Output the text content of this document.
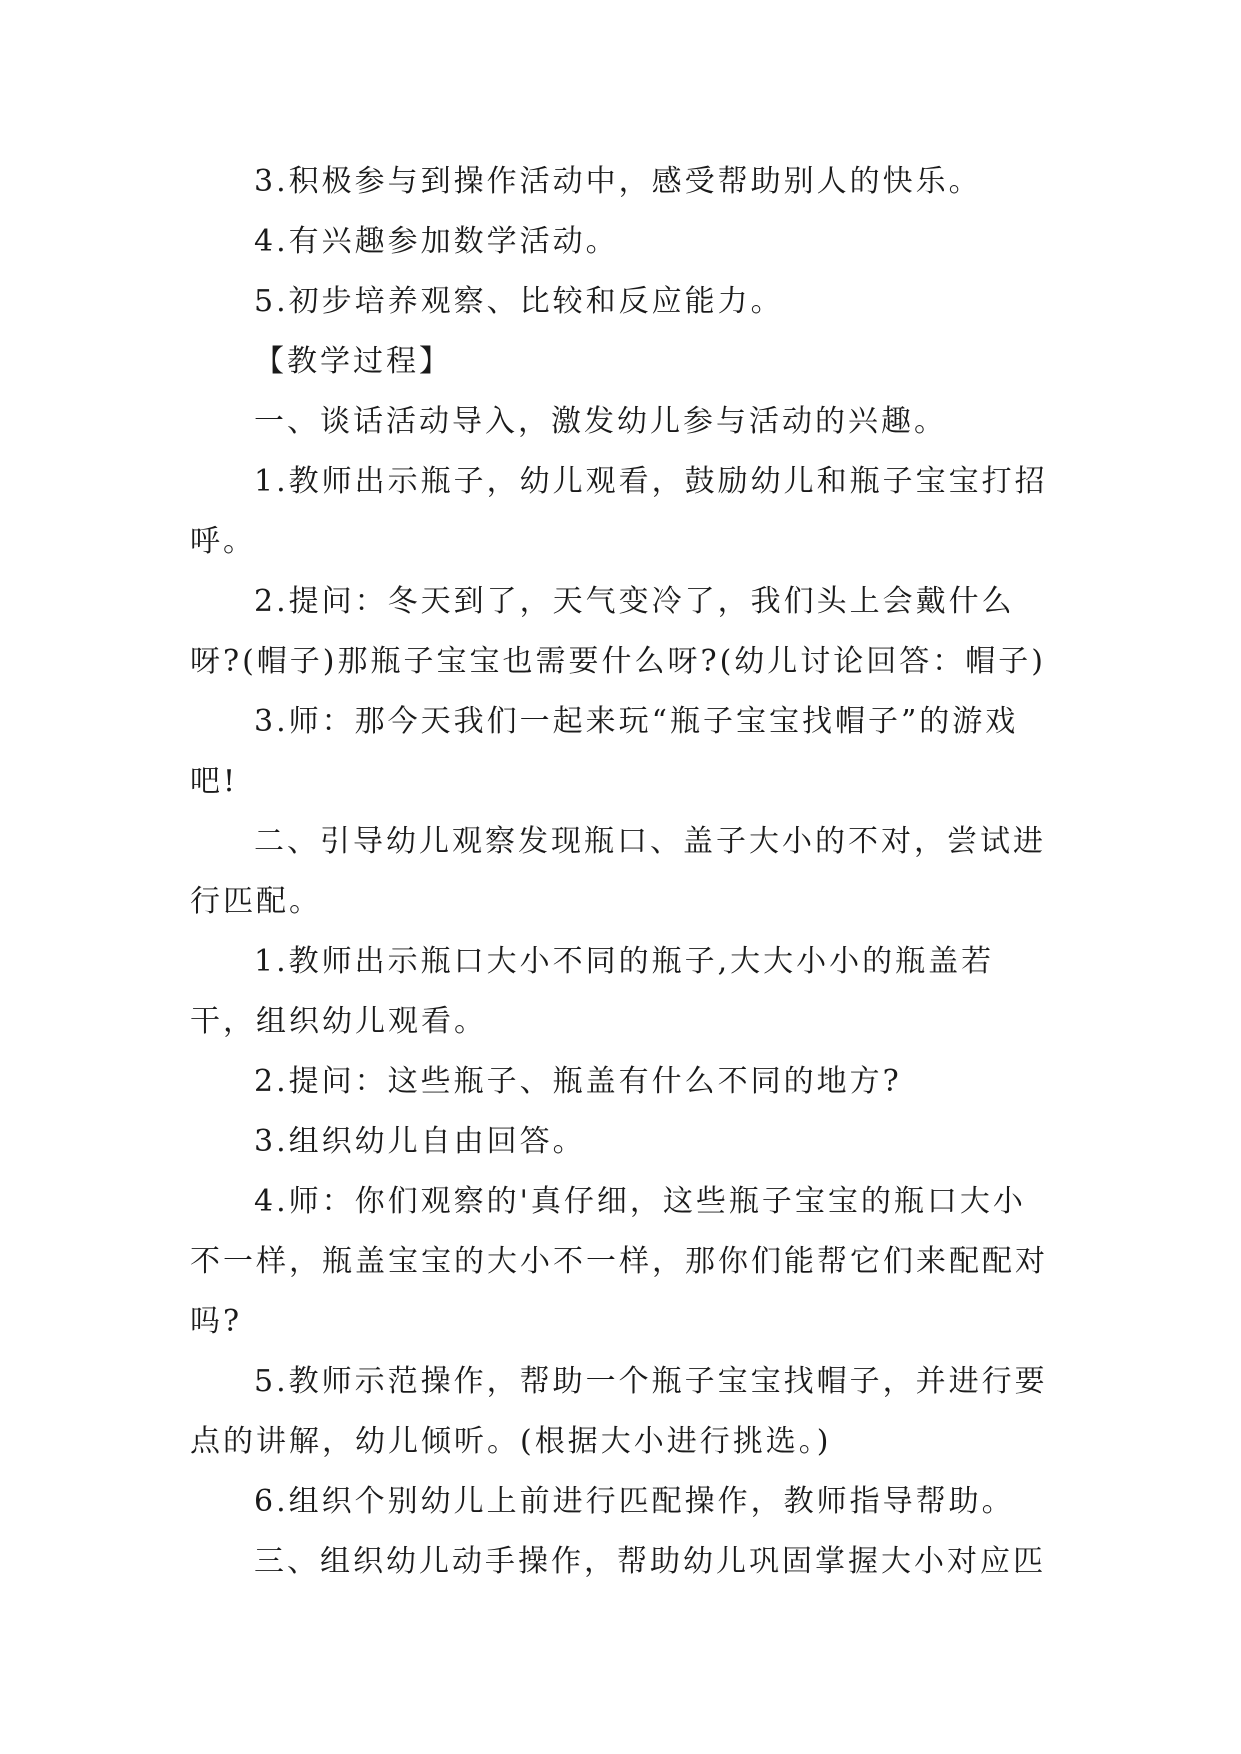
3.积极参与到操作活动中，感受帮助别人的快乐。

4.有兴趣参加数学活动。

5.初步培养观察、比较和反应能力。

【教学过程】

一、谈话活动导入，激发幼儿参与活动的兴趣。

1.教师出示瓶子，幼儿观看，鼓励幼儿和瓶子宝宝打招呼。

2.提问：冬天到了，天气变冷了，我们头上会戴什么呀?(帽子)那瓶子宝宝也需要什么呀?(幼儿讨论回答：帽子)

3.师：那今天我们一起来玩“瓶子宝宝找帽子”的游戏吧!

二、引导幼儿观察发现瓶口、盖子大小的不对，尝试进行匹配。

1.教师出示瓶口大小不同的瓶子,大大小小的瓶盖若干，组织幼儿观看。

2.提问：这些瓶子、瓶盖有什么不同的地方?

3.组织幼儿自由回答。

4.师：你们观察的'真仔细，这些瓶子宝宝的瓶口大小不一样，瓶盖宝宝的大小不一样，那你们能帮它们来配配对吗?

5.教师示范操作，帮助一个瓶子宝宝找帽子，并进行要点的讲解，幼儿倾听。(根据大小进行挑选。)

6.组织个别幼儿上前进行匹配操作，教师指导帮助。

三、组织幼儿动手操作，帮助幼儿巩固掌握大小对应匹
